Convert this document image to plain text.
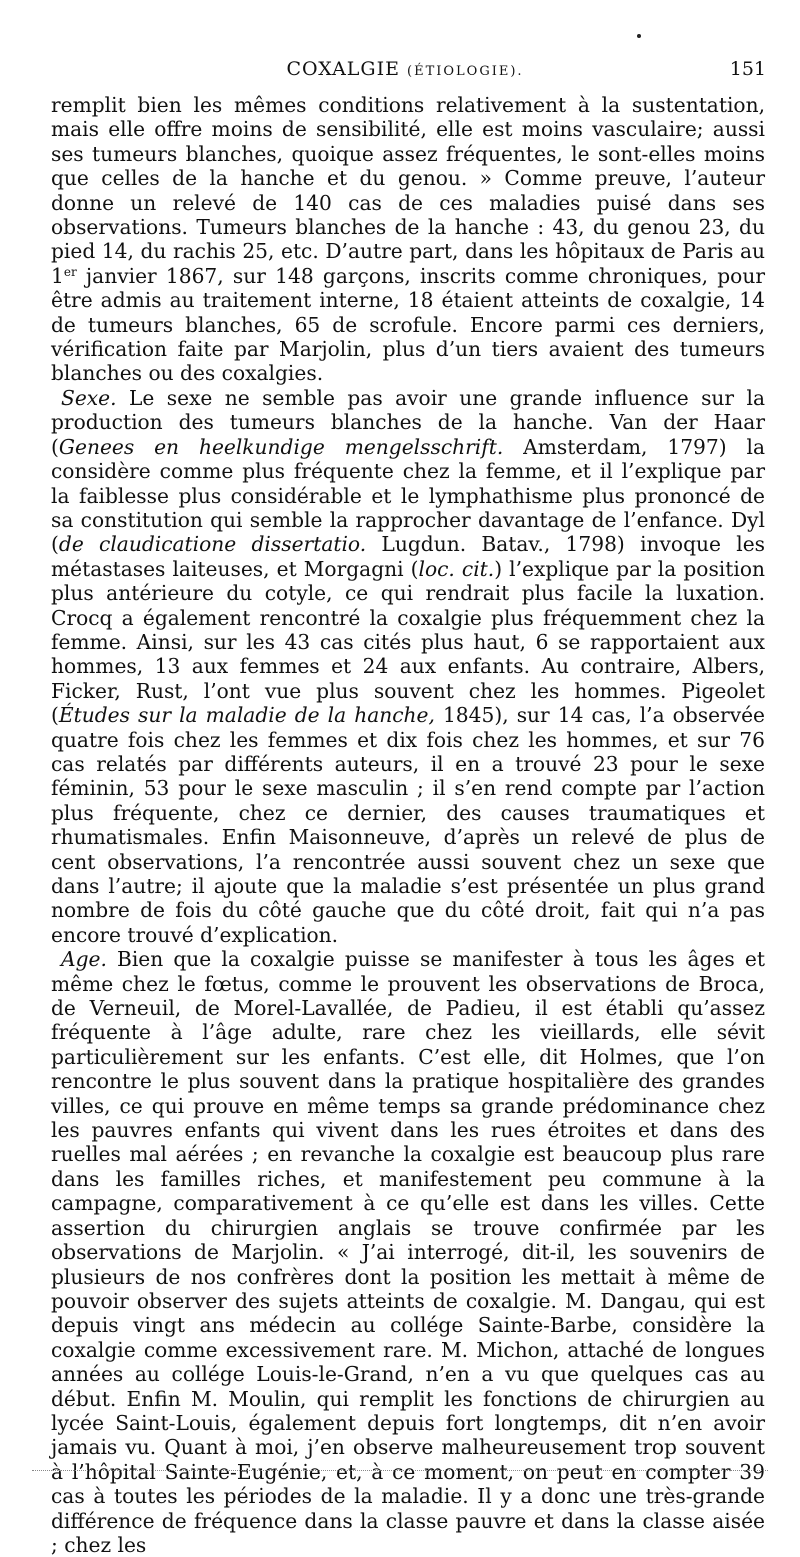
COXALGIE (ÉTIOLOGIE).	151

remplit bien les mêmes conditions relativement à la sustentation, mais elle offre moins de sensibilité, elle est moins vasculaire; aussi ses tumeurs blanches, quoique assez fréquentes, le sont-elles moins que celles de la hanche et du genou. » Comme preuve, l’auteur donne un relevé de 140 cas de ces maladies puisé dans ses observations. Tumeurs blanches de la hanche : 43, du genou 23, du pied 14, du rachis 25, etc. D’autre part, dans les hôpitaux de Paris au 1er janvier 1867, sur 148 garçons, inscrits comme chroniques, pour être admis au traitement interne, 18 étaient atteints de coxalgie, 14 de tumeurs blanches, 65 de scrofule. Encore parmi ces derniers, vérification faite par Marjolin, plus d’un tiers avaient des tumeurs blanches ou des coxalgies.

Sexe. Le sexe ne semble pas avoir une grande influence sur la production des tumeurs blanches de la hanche. Van der Haar (Genees en heelkundige mengelsschrift. Amsterdam, 1797) la considère comme plus fréquente chez la femme, et il l’explique par la faiblesse plus considérable et le lymphathisme plus prononcé de sa constitution qui semble la rapprocher davantage de l’enfance. Dyl (de claudicatione dissertatio. Lugdun. Batav., 1798) invoque les métastases laiteuses, et Morgagni (loc. cit.) l’explique par la position plus antérieure du cotyle, ce qui rendrait plus facile la luxation. Crocq a également rencontré la coxalgie plus fréquemment chez la femme. Ainsi, sur les 43 cas cités plus haut, 6 se rapportaient aux hommes, 13 aux femmes et 24 aux enfants. Au contraire, Albers, Ficker, Rust, l’ont vue plus souvent chez les hommes. Pigeolet (Études sur la maladie de la hanche, 1845), sur 14 cas, l’a observée quatre fois chez les femmes et dix fois chez les hommes, et sur 76 cas relatés par différents auteurs, il en a trouvé 23 pour le sexe féminin, 53 pour le sexe masculin ; il s’en rend compte par l’action plus fréquente, chez ce dernier, des causes traumatiques et rhumatismales. Enfin Maisonneuve, d’après un relevé de plus de cent observations, l’a rencontrée aussi souvent chez un sexe que dans l’autre; il ajoute que la maladie s’est présentée un plus grand nombre de fois du côté gauche que du côté droit, fait qui n’a pas encore trouvé d’explication.

Age. Bien que la coxalgie puisse se manifester à tous les âges et même chez le fœtus, comme le prouvent les observations de Broca, de Verneuil, de Morel-Lavallée, de Padieu, il est établi qu’assez fréquente à l’âge adulte, rare chez les vieillards, elle sévit particulièrement sur les enfants. C’est elle, dit Holmes, que l’on rencontre le plus souvent dans la pratique hospitalière des grandes villes, ce qui prouve en même temps sa grande prédominance chez les pauvres enfants qui vivent dans les rues étroites et dans des ruelles mal aérées ; en revanche la coxalgie est beaucoup plus rare dans les familles riches, et manifestement peu commune à la campagne, comparativement à ce qu’elle est dans les villes. Cette assertion du chirurgien anglais se trouve confirmée par les observations de Marjolin. « J’ai interrogé, dit-il, les souvenirs de plusieurs de nos confrères dont la position les mettait à même de pouvoir observer des sujets atteints de coxalgie. M. Dangau, qui est depuis vingt ans médecin au collége Sainte-Barbe, considère la coxalgie comme excessivement rare. M. Michon, attaché de longues années au collége Louis-le-Grand, n’en a vu que quelques cas au début. Enfin M. Moulin, qui remplit les fonctions de chirurgien au lycée Saint-Louis, également depuis fort longtemps, dit n’en avoir jamais vu. Quant à moi, j’en observe malheureusement trop souvent à l’hôpital Sainte-Eugénie, et, à ce moment, on peut en compter 39 cas à toutes les périodes de la maladie. Il y a donc une très-grande différence de fréquence dans la classe pauvre et dans la classe aisée ; chez les
